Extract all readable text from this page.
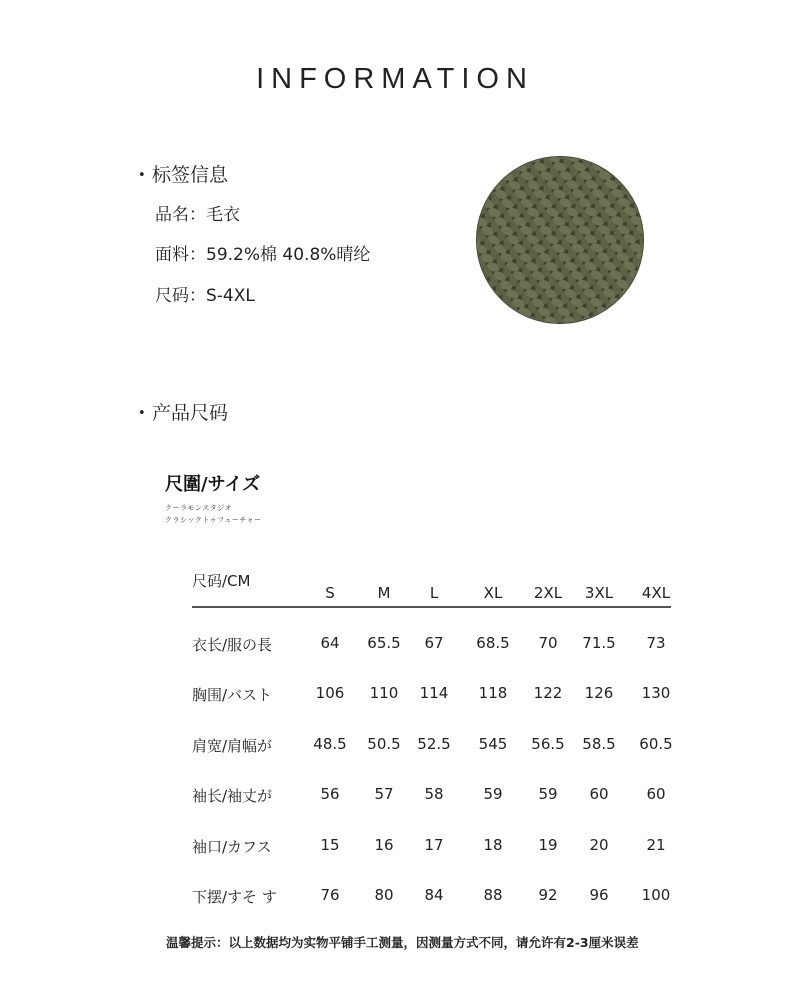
INFORMATION
• 标签信息
品名：毛衣
面料：59.2%棉 40.8%晴纶
尺码：S-4XL
• 产品尺码
尺圍/サイズ
クーラモンスタジオ
クラシックトゥフューチャー
尺码/CM
S	M	L	XL	2XL	3XL	4XL
衣长/服の長	64	65.5	67	68.5	70	71.5	73
胸围/バスト	106	110	114	118	122	126	130
肩宽/肩幅が	48.5	50.5	52.5	545	56.5	58.5	60.5
袖长/袖丈が	56	57	58	59	59	60	60
袖口/カフス	15	16	17	18	19	20	21
下摆/すそ す	76	80	84	88	92	96	100
温馨提示：以上数据均为实物平铺手工测量，因测量方式不同，请允许有2-3厘米误差
